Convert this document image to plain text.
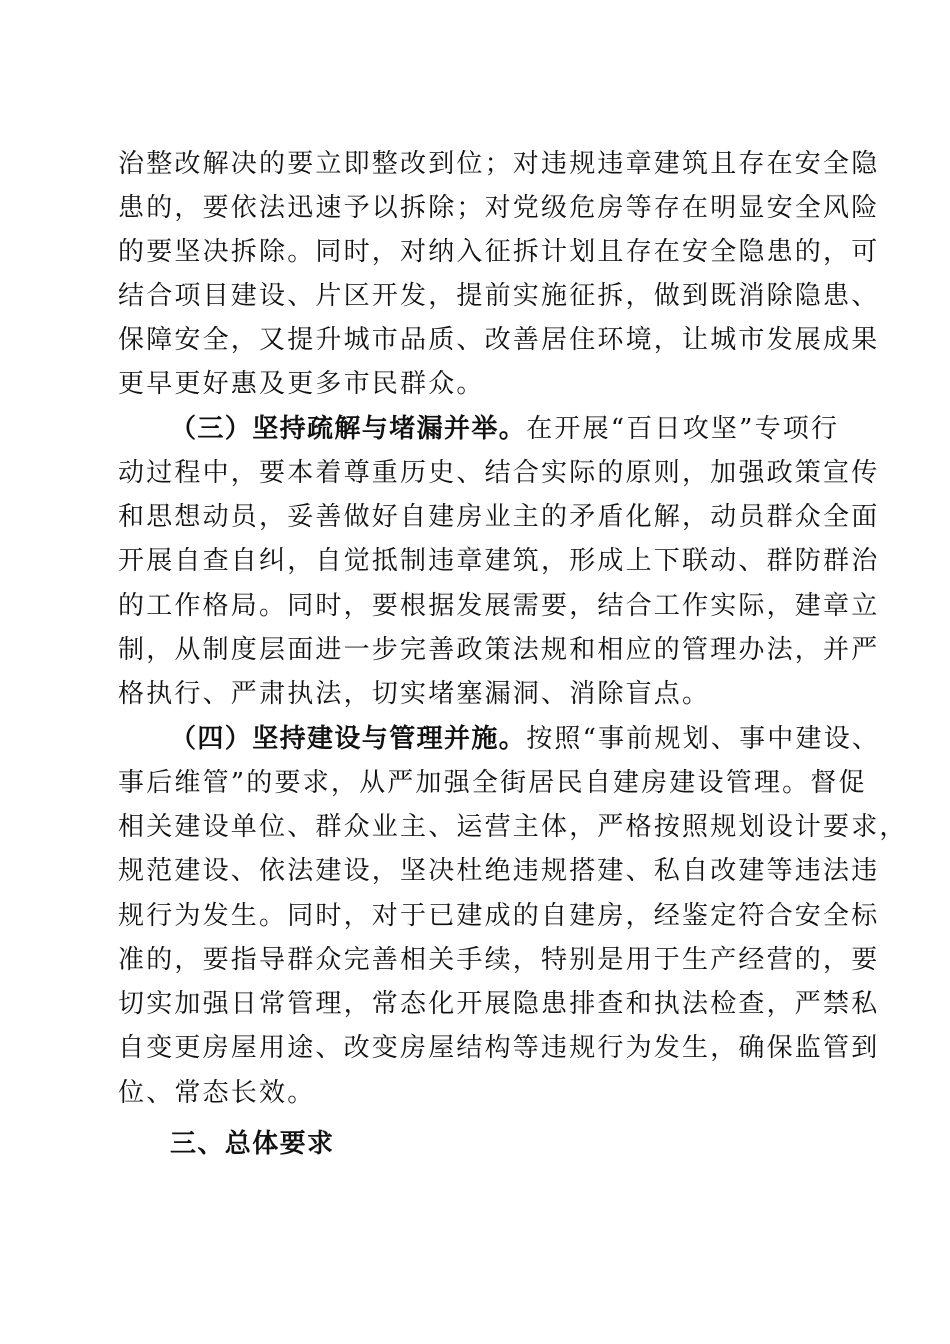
治整改解决的要立即整改到位；对违规违章建筑且存在安全隐
患的，要依法迅速予以拆除；对党级危房等存在明显安全风险
的要坚决拆除。同时，对纳入征拆计划且存在安全隐患的，可
结合项目建设、片区开发，提前实施征拆，做到既消除隐患、
保障安全，又提升城市品质、改善居住环境，让城市发展成果
更早更好惠及更多市民群众。
（三）坚持疏解与堵漏并举。在开展“百日攻坚”专项行
动过程中，要本着尊重历史、结合实际的原则，加强政策宣传
和思想动员，妥善做好自建房业主的矛盾化解，动员群众全面
开展自查自纠，自觉抵制违章建筑，形成上下联动、群防群治
的工作格局。同时，要根据发展需要，结合工作实际，建章立
制，从制度层面进一步完善政策法规和相应的管理办法，并严
格执行、严肃执法，切实堵塞漏洞、消除盲点。
（四）坚持建设与管理并施。按照“事前规划、事中建设、
事后维管”的要求，从严加强全街居民自建房建设管理。督促
相关建设单位、群众业主、运营主体，严格按照规划设计要求，
规范建设、依法建设，坚决杜绝违规搭建、私自改建等违法违
规行为发生。同时，对于已建成的自建房，经鉴定符合安全标
准的，要指导群众完善相关手续，特别是用于生产经营的，要
切实加强日常管理，常态化开展隐患排查和执法检查，严禁私
自变更房屋用途、改变房屋结构等违规行为发生，确保监管到
位、常态长效。
三、总体要求
